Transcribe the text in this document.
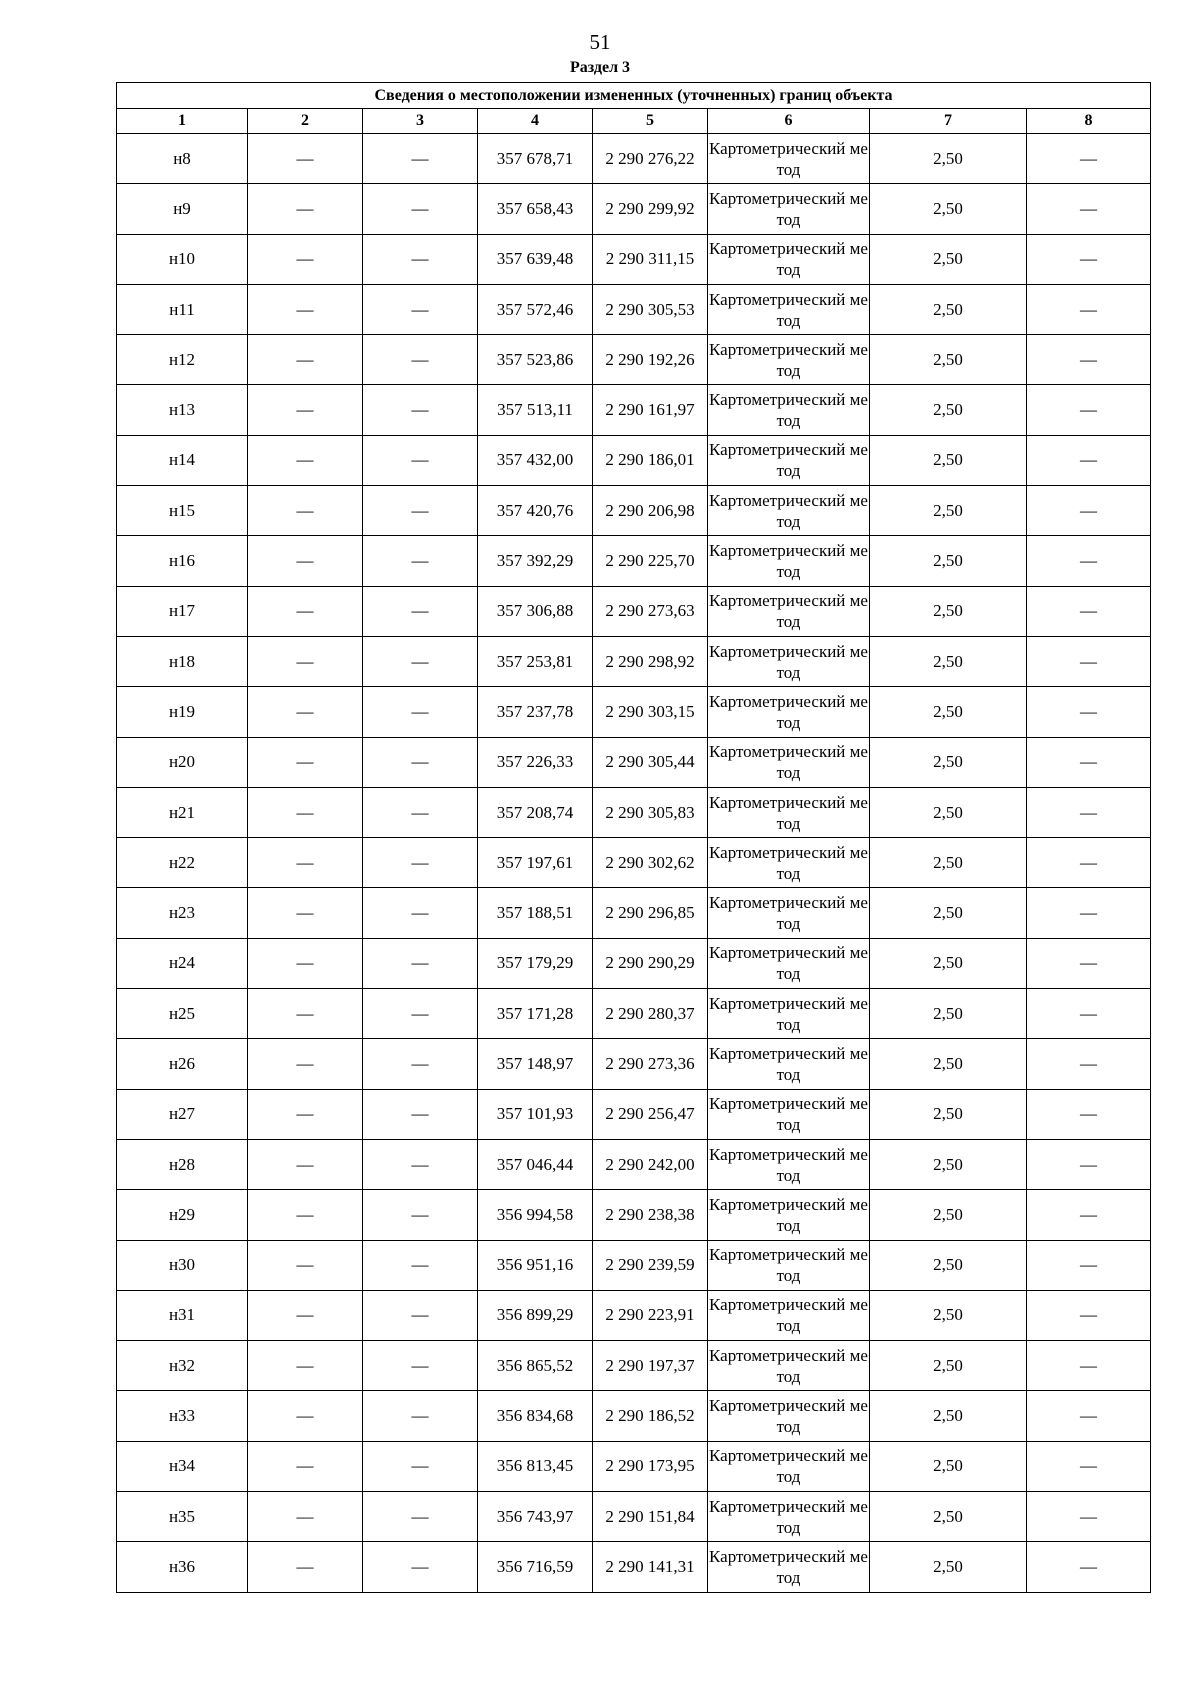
51
Раздел 3
Сведения о местоположении измененных (уточненных) границ объекта							
1	2	3	4	5	6	7	8
н8	—	—	357 678,71	2 290 276,22	Картометрический метод	2,50	—
н9	—	—	357 658,43	2 290 299,92	Картометрический метод	2,50	—
н10	—	—	357 639,48	2 290 311,15	Картометрический метод	2,50	—
н11	—	—	357 572,46	2 290 305,53	Картометрический метод	2,50	—
н12	—	—	357 523,86	2 290 192,26	Картометрический метод	2,50	—
н13	—	—	357 513,11	2 290 161,97	Картометрический метод	2,50	—
н14	—	—	357 432,00	2 290 186,01	Картометрический метод	2,50	—
н15	—	—	357 420,76	2 290 206,98	Картометрический метод	2,50	—
н16	—	—	357 392,29	2 290 225,70	Картометрический метод	2,50	—
н17	—	—	357 306,88	2 290 273,63	Картометрический метод	2,50	—
н18	—	—	357 253,81	2 290 298,92	Картометрический метод	2,50	—
н19	—	—	357 237,78	2 290 303,15	Картометрический метод	2,50	—
н20	—	—	357 226,33	2 290 305,44	Картометрический метод	2,50	—
н21	—	—	357 208,74	2 290 305,83	Картометрический метод	2,50	—
н22	—	—	357 197,61	2 290 302,62	Картометрический метод	2,50	—
н23	—	—	357 188,51	2 290 296,85	Картометрический метод	2,50	—
н24	—	—	357 179,29	2 290 290,29	Картометрический метод	2,50	—
н25	—	—	357 171,28	2 290 280,37	Картометрический метод	2,50	—
н26	—	—	357 148,97	2 290 273,36	Картометрический метод	2,50	—
н27	—	—	357 101,93	2 290 256,47	Картометрический метод	2,50	—
н28	—	—	357 046,44	2 290 242,00	Картометрический метод	2,50	—
н29	—	—	356 994,58	2 290 238,38	Картометрический метод	2,50	—
н30	—	—	356 951,16	2 290 239,59	Картометрический метод	2,50	—
н31	—	—	356 899,29	2 290 223,91	Картометрический метод	2,50	—
н32	—	—	356 865,52	2 290 197,37	Картометрический метод	2,50	—
н33	—	—	356 834,68	2 290 186,52	Картометрический метод	2,50	—
н34	—	—	356 813,45	2 290 173,95	Картометрический метод	2,50	—
н35	—	—	356 743,97	2 290 151,84	Картометрический метод	2,50	—
н36	—	—	356 716,59	2 290 141,31	Картометрический метод	2,50	—
